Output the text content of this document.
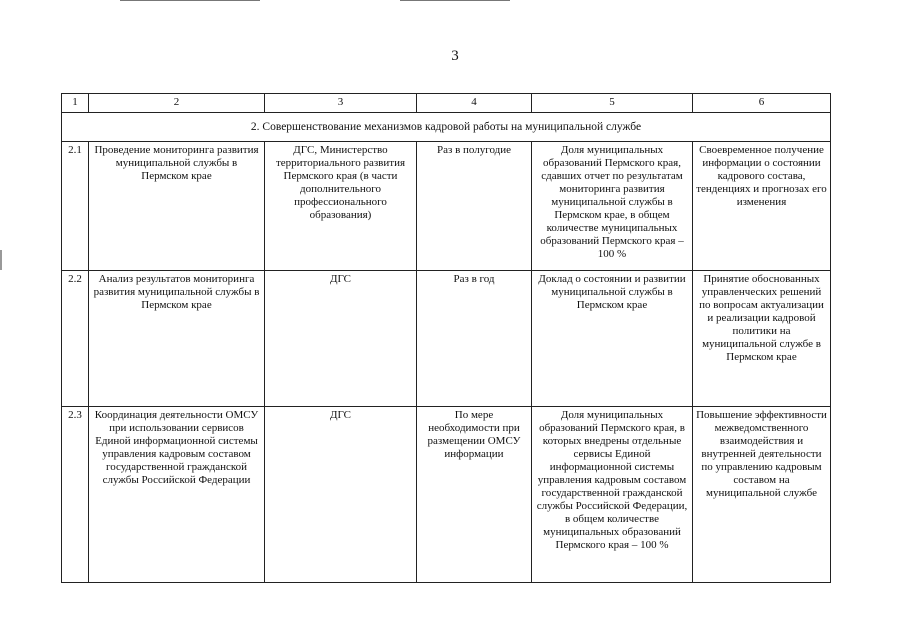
3
1	2	3	4	5	6
2. Совершенствование механизмов кадровой работы на муниципальной службе					
2.1	Проведение мониторинга развития муниципальной службы в Пермском крае	ДГС, Министерство территориального развития Пермского края (в части дополнительного профессионального образования)	Раз в полугодие	Доля муниципальных образований Пермского края, сдавших отчет по результатам мониторинга развития муниципальной службы в Пермском крае, в общем количестве муниципальных образований Пермского края – 100 %	Своевременное получение информации о состоянии кадрового состава, тенденциях и прогнозах его изменения
2.2	Анализ результатов мониторинга развития муниципальной службы в Пермском крае	ДГС	Раз в год	Доклад о состоянии и развитии муниципальной службы в Пермском крае	Принятие обоснованных управленческих решений по вопросам актуализации и реализации кадровой политики на муниципальной службе в Пермском крае
2.3	Координация деятельности ОМСУ при использовании сервисов Единой информационной системы управления кадровым составом государственной гражданской службы Российской Федерации	ДГС	По мере необходимости при размещении ОМСУ информации	Доля муниципальных образований Пермского края, в которых внедрены отдельные сервисы Единой информационной системы управления кадровым составом государственной гражданской службы Российской Федерации, в общем количестве муниципальных образований Пермского края – 100 %	Повышение эффективности межведомственного взаимодействия и внутренней деятельности по управлению кадровым составом на муниципальной службе
